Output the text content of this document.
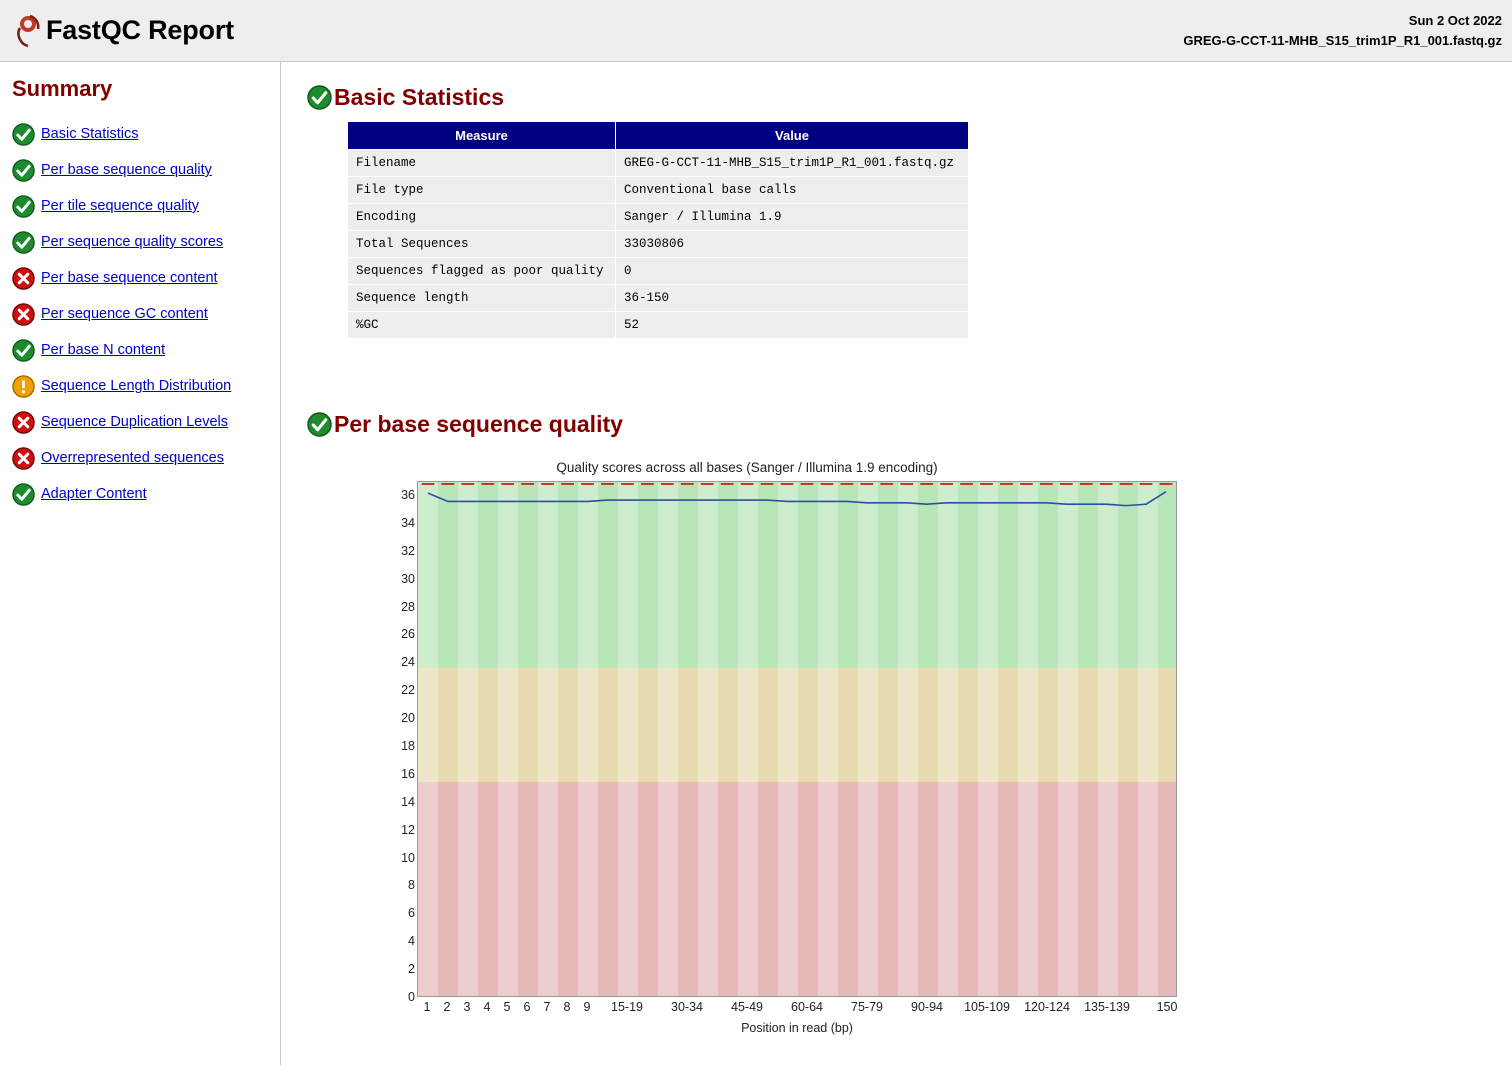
FastQC Report	Sun 2 Oct 2022
GREG-G-CCT-11-MHB_S15_trim1P_R1_001.fastq.gz
Summary
Basic Statistics
Per base sequence quality
Per tile sequence quality
Per sequence quality scores
Per base sequence content
Per sequence GC content
Per base N content
Sequence Length Distribution
Sequence Duplication Levels
Overrepresented sequences
Adapter Content
Basic Statistics
Measure	Value
Filename	GREG-G-CCT-11-MHB_S15_trim1P_R1_001.fastq.gz
File type	Conventional base calls
Encoding	Sanger / Illumina 1.9
Total Sequences	33030806
Sequences flagged as poor quality	0
Sequence length	36-150
%GC	52
Per base sequence quality
Quality scores across all bases (Sanger / Illumina 1.9 encoding)
0
2
4
6
8
10
12
14
16
18
20
22
24
26
28
30
32
34
36
1 2 3 4 5 6 7 8 9 15-19 30-34 45-49 60-64 75-79 90-94 105-109 120-124 135-139 150
Position in read (bp)
